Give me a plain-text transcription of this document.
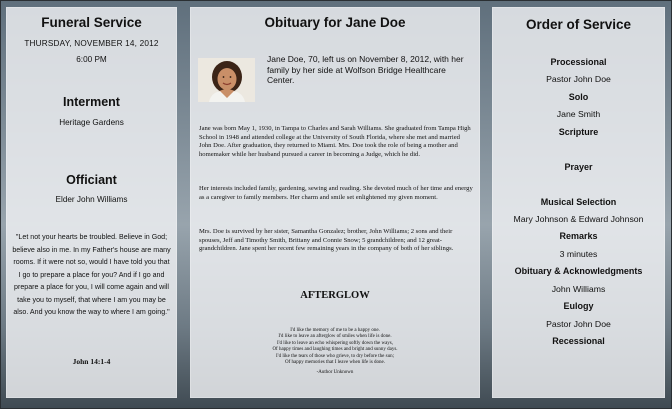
Funeral Service
THURSDAY, NOVEMBER 14, 2012
6:00 PM
Interment
Heritage Gardens
Officiant
Elder John Williams
"Let not your hearts be troubled. Believe in God; believe also in me. In my Father's house are many rooms. If it were not so, would I have told you that I go to prepare a place for you? And if I go and prepare a place for you, I will come again and will take you to myself, that where I am you may be also. And you know the way to where I am going."
John 14:1-4
Obituary for Jane Doe
Jane Doe, 70, left us on November 8, 2012, with her family by her side at Wolfson Bridge Healthcare Center.
Jane was born May 1, 1930, in Tampa to Charles and Sarah Williams. She graduated from Tampa High School in 1948 and attended college at the University of South Florida, where she met and married John Doe. After graduation, they returned to Miami. Mrs. Doe took the role of being a mother and homemaker while her husband pursued a career in becoming a Judge, which he did.
Her interests included family, gardening, sewing and reading. She devoted much of her time and energy as a caregiver to family members. Her charm and smile set enlightened my given moment.
Mrs. Doe is survived by her sister, Samantha Gonzalez; brother, John Williams; 2 sons and their spouses, Jeff and Timothy Smith, Brittany and Connie Snow; 5 grandchildren; and 12 great-grandchildren. Jane spent her recent few remaining years in the company of both of her siblings.
AFTERGLOW
I'd like the memory of me to be a happy one.
I'd like to leave an afterglow of smiles when life is done.
I'd like to leave an echo whispering softly down the ways,
Of happy times and laughing times and bright and sunny days.
I'd like the tears of those who grieve, to dry before the sun;
Of happy memories that I leave when life is done.
-Author Unknown
Order of Service
Processional
Pastor John Doe
Solo
Jane Smith
Scripture
Prayer
Musical Selection
Mary Johnson & Edward Johnson
Remarks
3 minutes
Obituary & Acknowledgments
John Williams
Eulogy
Pastor John Doe
Recessional
